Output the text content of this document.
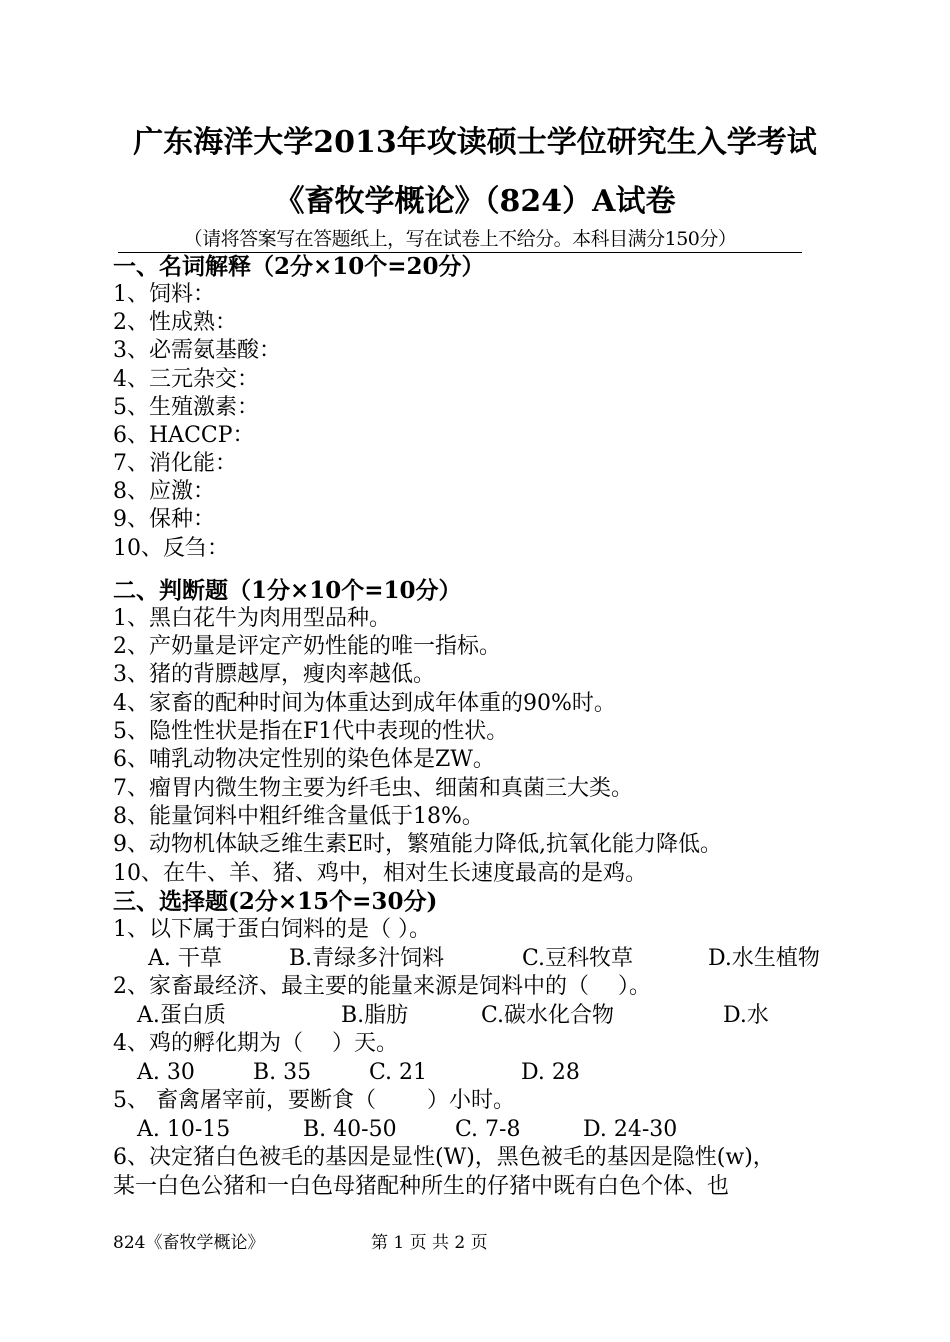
广东海洋大学2013年攻读硕士学位研究生入学考试
《畜牧学概论》（824）A试卷
（请将答案写在答题纸上，写在试卷上不给分。本科目满分150分）
一、名词解释（2分×10个=20分）
1、饲料：
2、性成熟：
3、必需氨基酸：
4、三元杂交：
5、生殖激素：
6、HACCP：
7、消化能：
8、应激：
9、保种：
10、反刍：
二、判断题（1分×10个=10分）
1、黑白花牛为肉用型品种。
2、产奶量是评定产奶性能的唯一指标。
3、猪的背膘越厚，瘦肉率越低。
4、家畜的配种时间为体重达到成年体重的90%时。
5、隐性性状是指在F1代中表现的性状。
6、哺乳动物决定性别的染色体是ZW。
7、瘤胃内微生物主要为纤毛虫、细菌和真菌三大类。
8、能量饲料中粗纤维含量低于18%。
9、动物机体缺乏维生素E时，繁殖能力降低,抗氧化能力降低。
10、在牛、羊、猪、鸡中，相对生长速度最高的是鸡。
三、选择题(2分×15个=30分)
1、以下属于蛋白饲料的是（ ）。
A. 干草	B.青绿多汁饲料	C.豆科牧草	D.水生植物
2、家畜最经济、最主要的能量来源是饲料中的（　 ）。
A.蛋白质	B.脂肪	C.碳水化合物	D.水
4、鸡的孵化期为（　 ）天。
A. 30	B. 35	C. 21	D. 28
5、 畜禽屠宰前，要断食（　　 ）小时。
A. 10-15	B. 40-50	C. 7-8	D. 24-30
6、决定猪白色被毛的基因是显性(W)，黑色被毛的基因是隐性(w)，
某一白色公猪和一白色母猪配种所生的仔猪中既有白色个体、也
824《畜牧学概论》	第 1 页 共 2 页
